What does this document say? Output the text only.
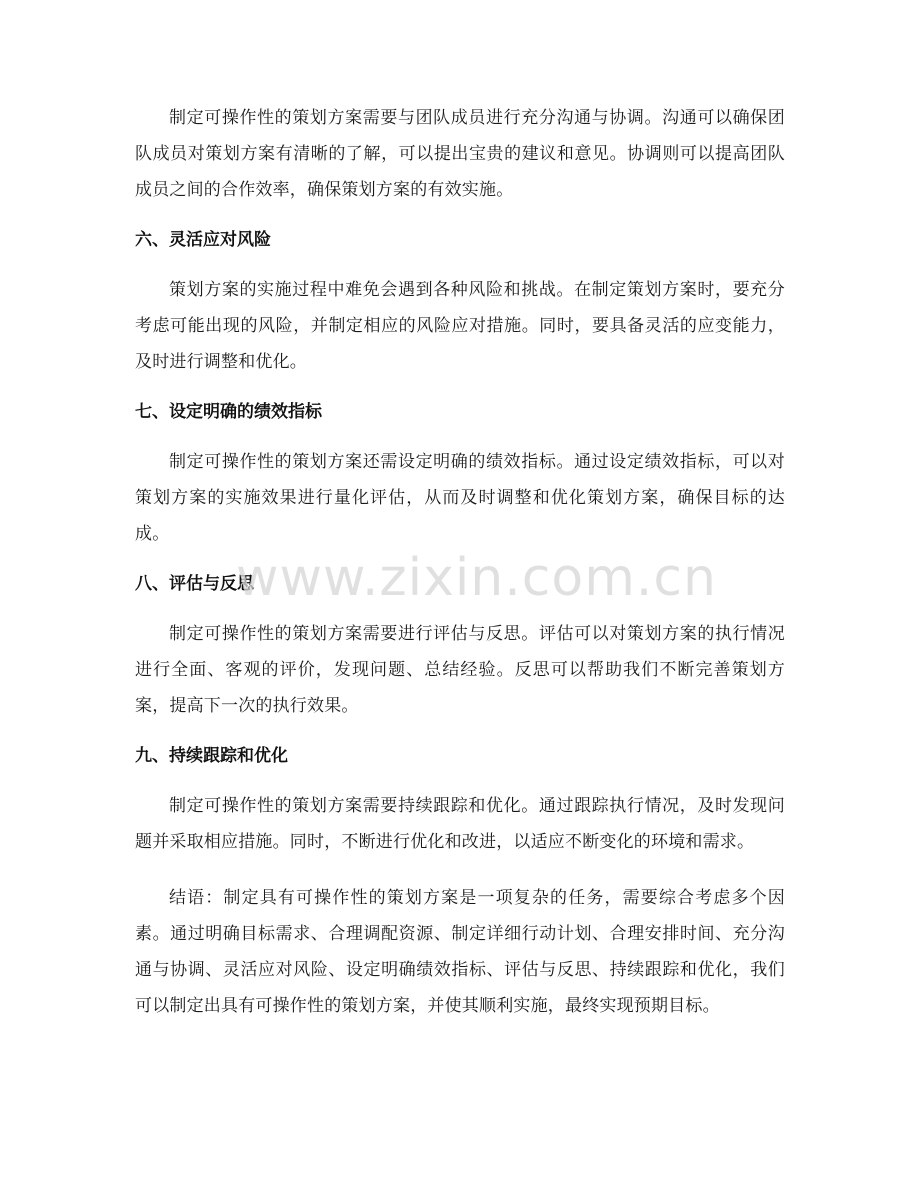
制定可操作性的策划方案需要与团队成员进行充分沟通与协调。沟通可以确保团队成员对策划方案有清晰的了解，可以提出宝贵的建议和意见。协调则可以提高团队成员之间的合作效率，确保策划方案的有效实施。

六、灵活应对风险

策划方案的实施过程中难免会遇到各种风险和挑战。在制定策划方案时，要充分考虑可能出现的风险，并制定相应的风险应对措施。同时，要具备灵活的应变能力，及时进行调整和优化。

七、设定明确的绩效指标

制定可操作性的策划方案还需设定明确的绩效指标。通过设定绩效指标，可以对策划方案的实施效果进行量化评估，从而及时调整和优化策划方案，确保目标的达成。

八、评估与反思

制定可操作性的策划方案需要进行评估与反思。评估可以对策划方案的执行情况进行全面、客观的评价，发现问题、总结经验。反思可以帮助我们不断完善策划方案，提高下一次的执行效果。

九、持续跟踪和优化

制定可操作性的策划方案需要持续跟踪和优化。通过跟踪执行情况，及时发现问题并采取相应措施。同时，不断进行优化和改进，以适应不断变化的环境和需求。

结语：制定具有可操作性的策划方案是一项复杂的任务，需要综合考虑多个因素。通过明确目标需求、合理调配资源、制定详细行动计划、合理安排时间、充分沟通与协调、灵活应对风险、设定明确绩效指标、评估与反思、持续跟踪和优化，我们可以制定出具有可操作性的策划方案，并使其顺利实施，最终实现预期目标。

www.zixin.com.cn
